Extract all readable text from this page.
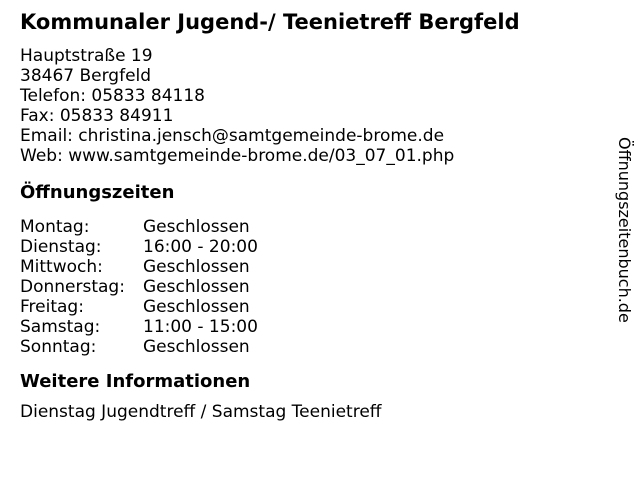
Kommunaler Jugend-/ Teenietreff Bergfeld
Hauptstraße 19
38467 Bergfeld
Telefon: 05833 84118
Fax: 05833 84911
Email: christina.jensch@samtgemeinde-brome.de
Web: www.samtgemeinde-brome.de/03_07_01.php
Öffnungszeiten
Montag:	Geschlossen
Dienstag:	16:00 - 20:00
Mittwoch:	Geschlossen
Donnerstag:	Geschlossen
Freitag:	Geschlossen
Samstag:	11:00 - 15:00
Sonntag:	Geschlossen
Weitere Informationen
Dienstag Jugendtreff / Samstag Teenietreff
Öffnungszeitenbuch.de
